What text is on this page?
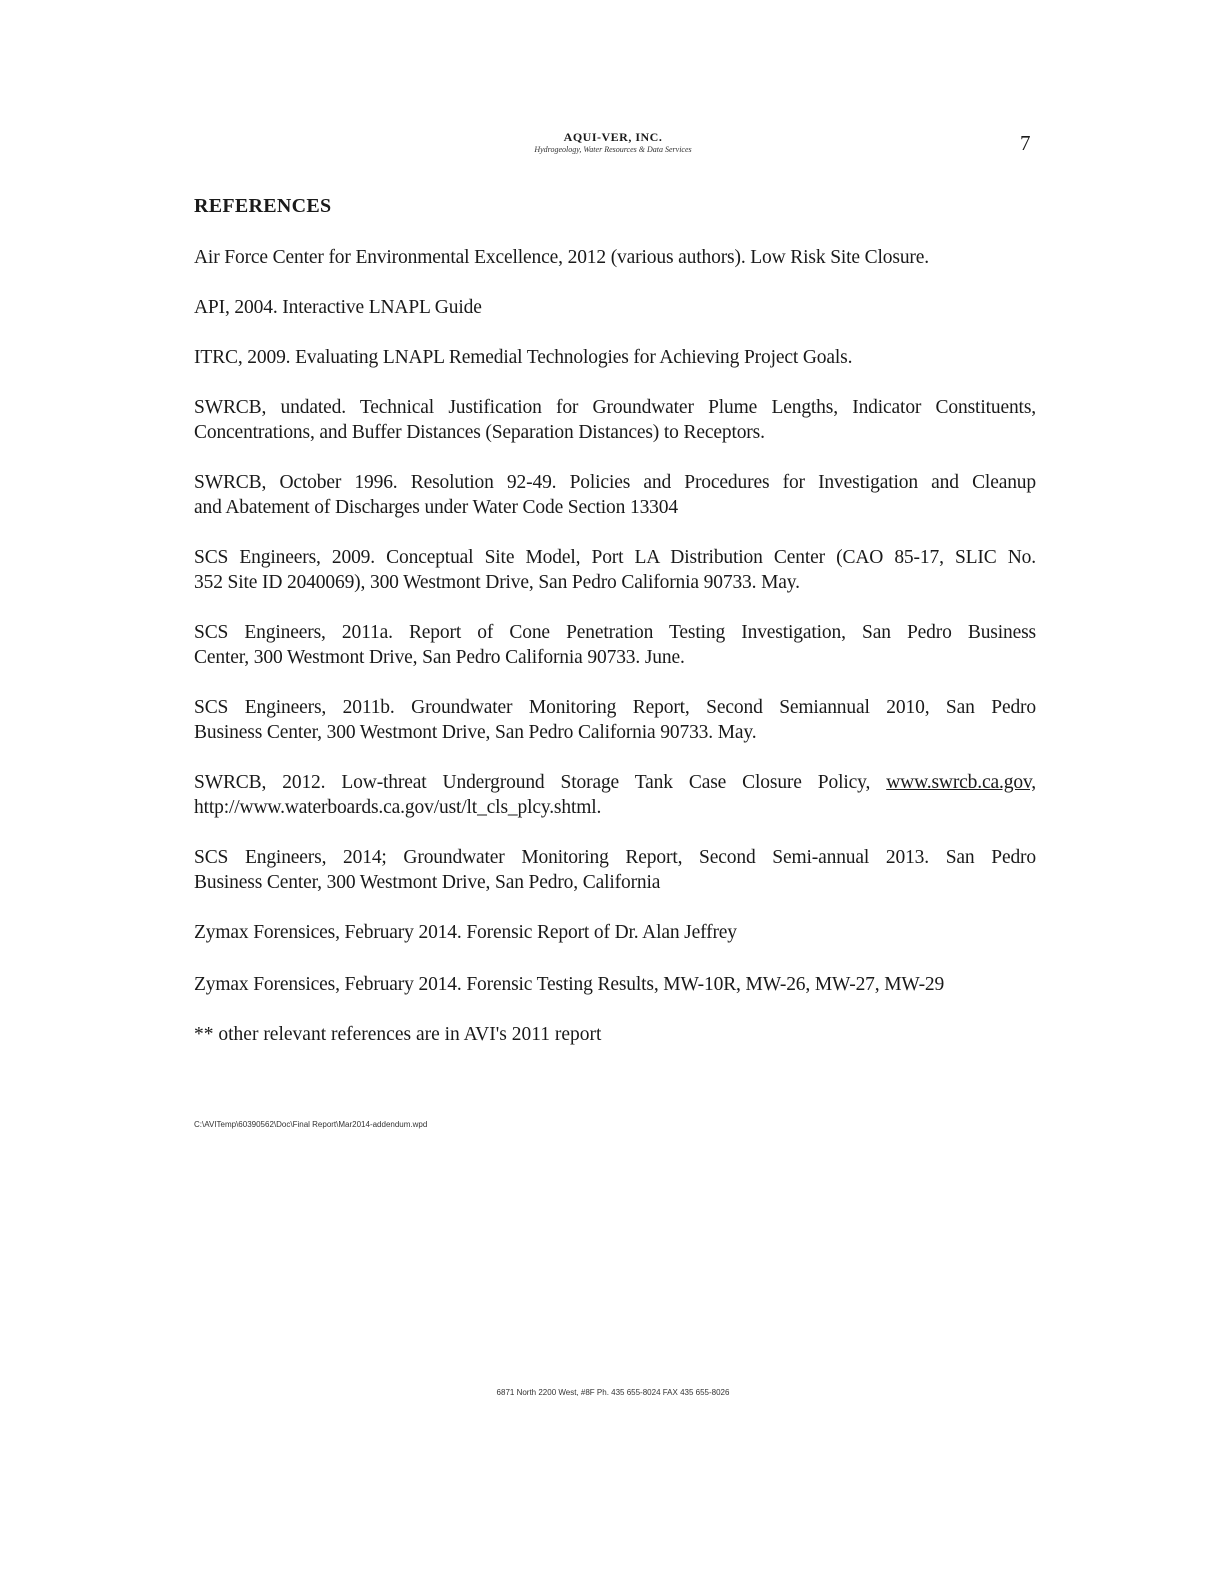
AQUI-VER, INC.
Hydrogeology, Water Resources & Data Services	7
REFERENCES
Air Force Center for Environmental Excellence, 2012 (various authors). Low Risk Site Closure.
API, 2004. Interactive LNAPL Guide
ITRC, 2009. Evaluating LNAPL Remedial Technologies for Achieving Project Goals.
SWRCB, undated. Technical Justification for Groundwater Plume Lengths, Indicator Constituents,
Concentrations, and Buffer Distances (Separation Distances) to Receptors.
SWRCB, October 1996. Resolution 92-49. Policies and Procedures for Investigation and Cleanup
and Abatement of Discharges under Water Code Section 13304
SCS Engineers, 2009. Conceptual Site Model, Port LA Distribution Center (CAO 85-17, SLIC No.
352 Site ID 2040069), 300 Westmont Drive, San Pedro California 90733. May.
SCS Engineers, 2011a. Report of Cone Penetration Testing Investigation, San Pedro Business
Center, 300 Westmont Drive, San Pedro California 90733. June.
SCS Engineers, 2011b. Groundwater Monitoring Report, Second Semiannual 2010, San Pedro
Business Center, 300 Westmont Drive, San Pedro California 90733. May.
SWRCB, 2012. Low-threat Underground Storage Tank Case Closure Policy, www.swrcb.ca.gov,
http://www.waterboards.ca.gov/ust/lt_cls_plcy.shtml.
SCS Engineers, 2014; Groundwater Monitoring Report, Second Semi-annual 2013. San Pedro
Business Center, 300 Westmont Drive, San Pedro, California
Zymax Forensices, February 2014. Forensic Report of Dr. Alan Jeffrey
Zymax Forensices, February 2014. Forensic Testing Results, MW-10R, MW-26, MW-27, MW-29
** other relevant references are in AVI's 2011 report
C:\AVITemp\60390562\Doc\Final Report\Mar2014-addendum.wpd
6871 North 2200 West, #8F Ph. 435 655-8024 FAX 435 655-8026
